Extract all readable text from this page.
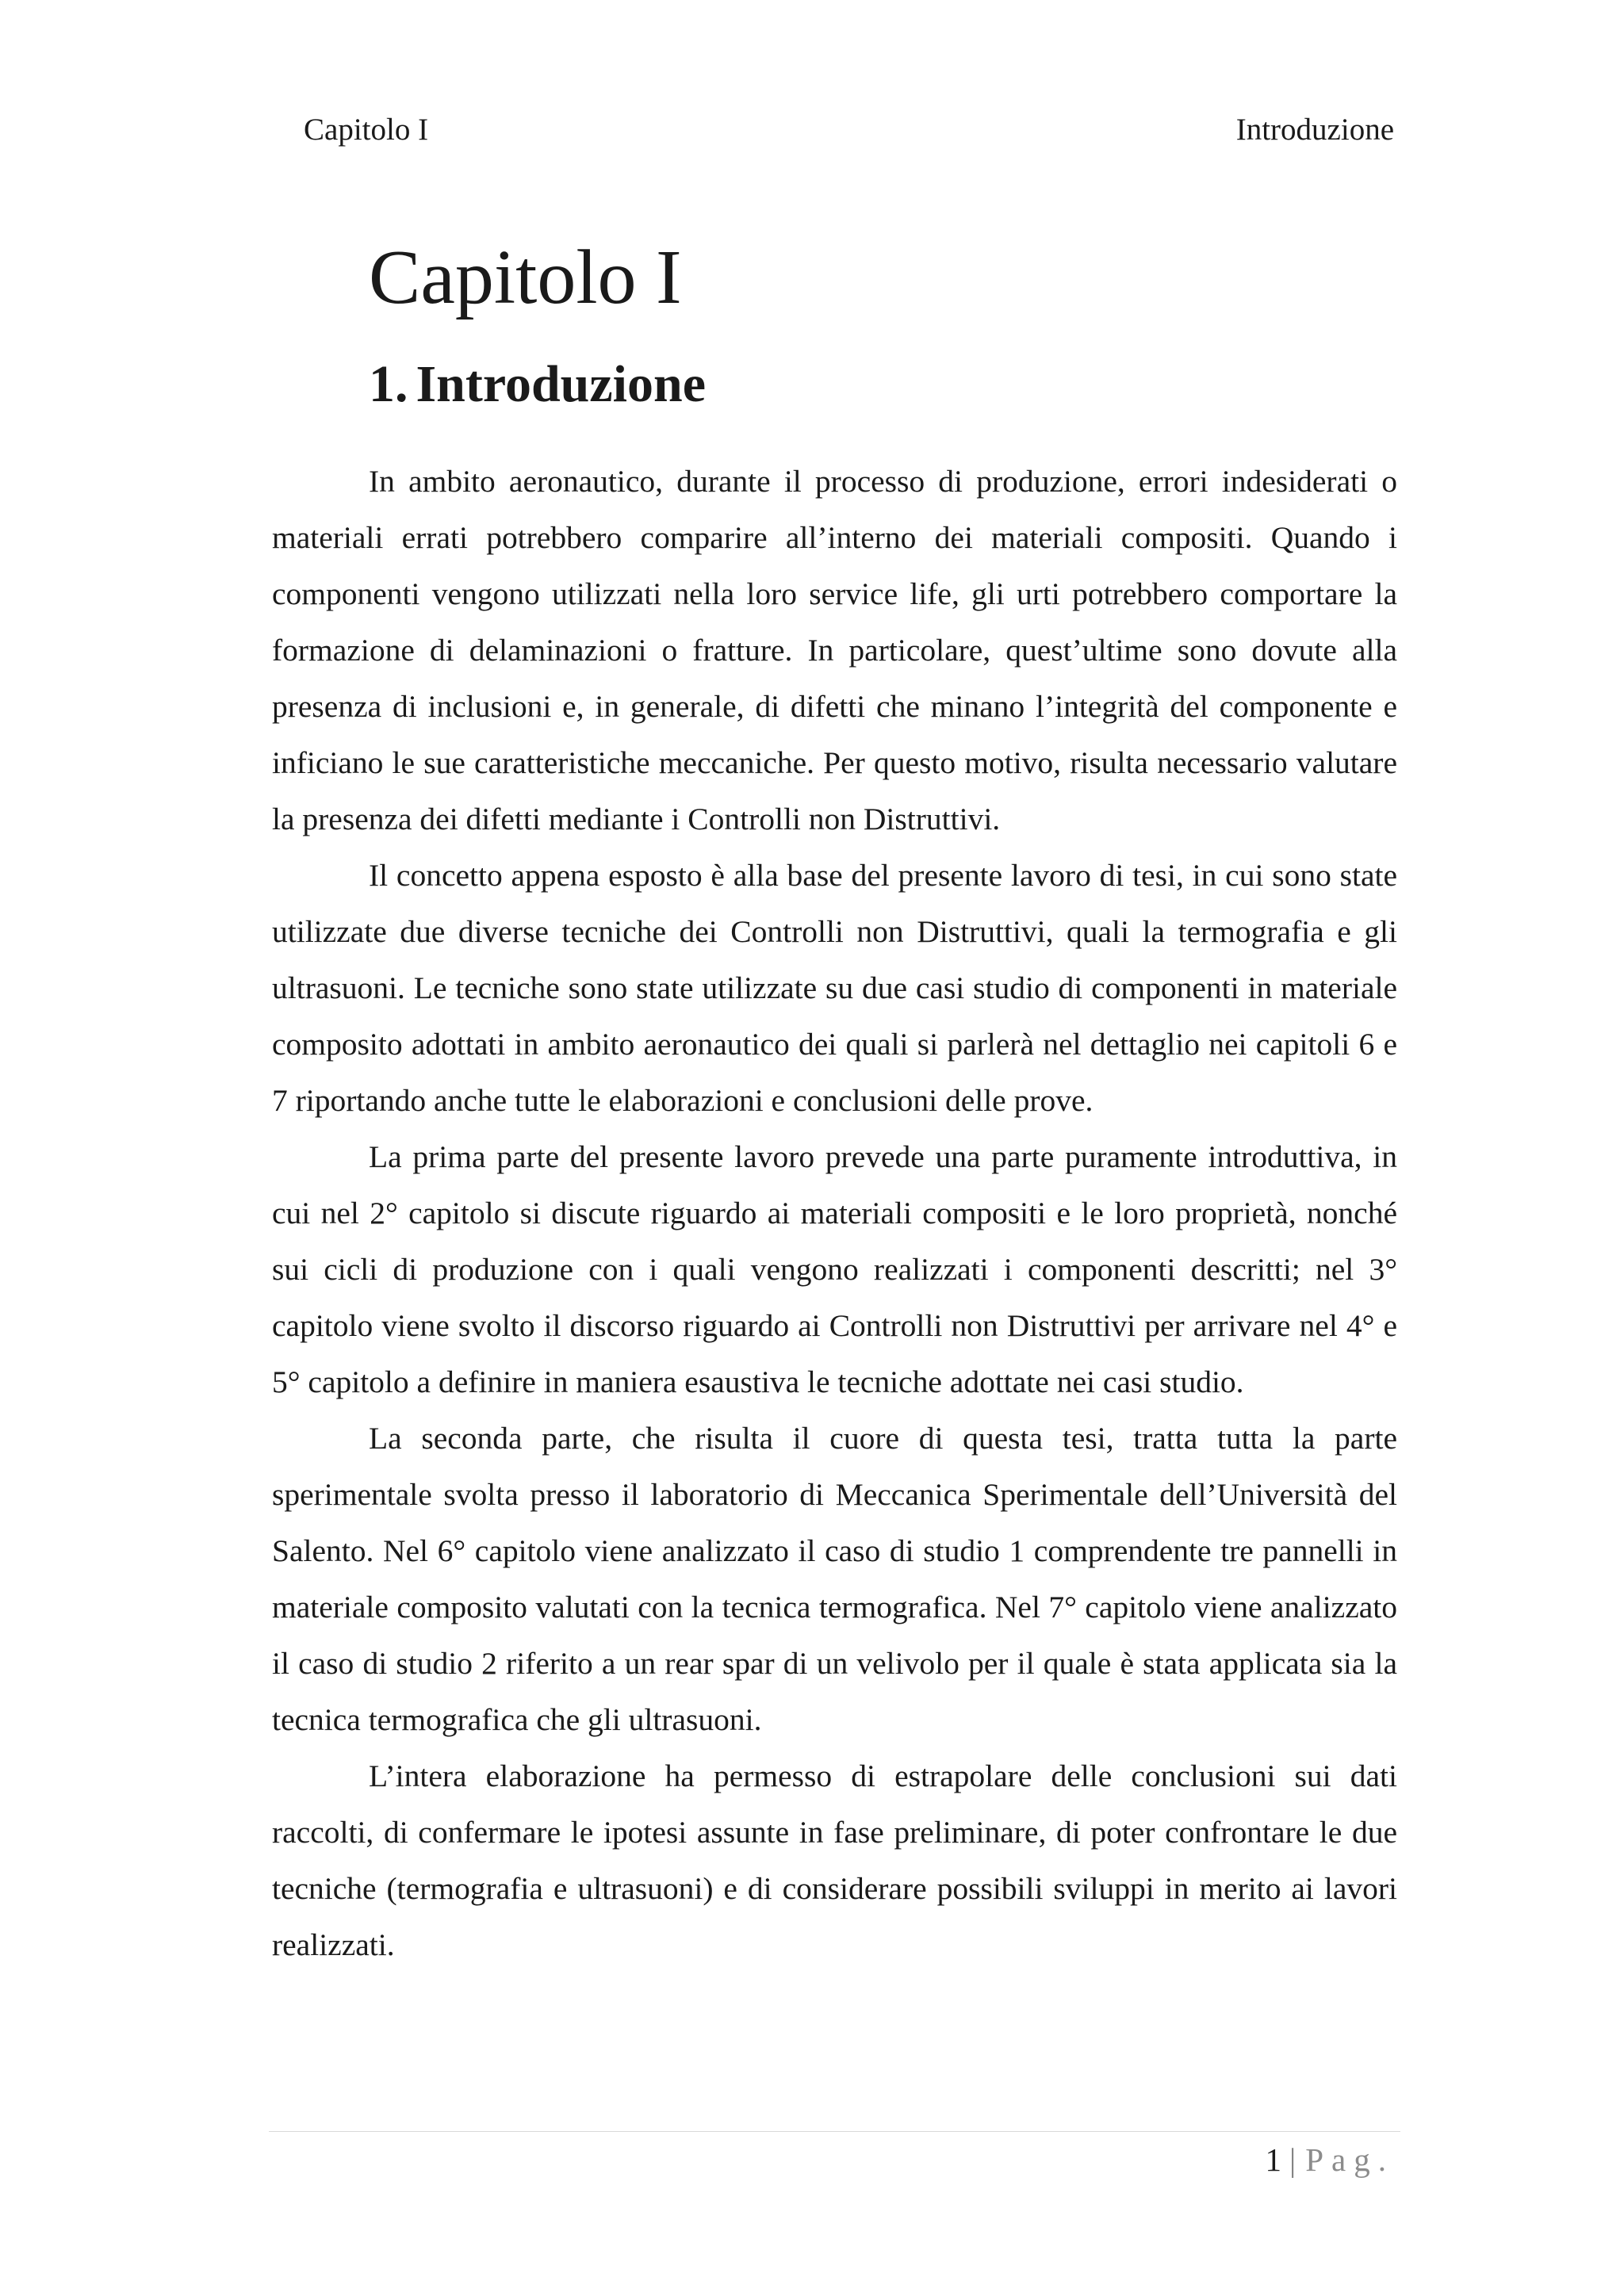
Capitolo I	Introduzione
Capitolo I
1. Introduzione

In ambito aeronautico, durante il processo di produzione, errori indesiderati o materiali errati potrebbero comparire all’interno dei materiali compositi. Quando i componenti vengono utilizzati nella loro service life, gli urti potrebbero comportare la formazione di delaminazioni o fratture. In particolare, quest’ultime sono dovute alla presenza di inclusioni e, in generale, di difetti che minano l’integrità del componente e inficiano le sue caratteristiche meccaniche. Per questo motivo, risulta necessario valutare la presenza dei difetti mediante i Controlli non Distruttivi.

Il concetto appena esposto è alla base del presente lavoro di tesi, in cui sono state utilizzate due diverse tecniche dei Controlli non Distruttivi, quali la termografia e gli ultrasuoni. Le tecniche sono state utilizzate su due casi studio di componenti in materiale composito adottati in ambito aeronautico dei quali si parlerà nel dettaglio nei capitoli 6 e 7 riportando anche tutte le elaborazioni e conclusioni delle prove.

La prima parte del presente lavoro prevede una parte puramente introduttiva, in cui nel 2° capitolo si discute riguardo ai materiali compositi e le loro proprietà, nonché sui cicli di produzione con i quali vengono realizzati i componenti descritti; nel 3° capitolo viene svolto il discorso riguardo ai Controlli non Distruttivi per arrivare nel 4° e 5° capitolo a definire in maniera esaustiva le tecniche adottate nei casi studio.

La seconda parte, che risulta il cuore di questa tesi, tratta tutta la parte sperimentale svolta presso il laboratorio di Meccanica Sperimentale dell’Università del Salento. Nel 6° capitolo viene analizzato il caso di studio 1 comprendente tre pannelli in materiale composito valutati con la tecnica termografica. Nel 7° capitolo viene analizzato il caso di studio 2 riferito a un rear spar di un velivolo per il quale è stata applicata sia la tecnica termografica che gli ultrasuoni.

L’intera elaborazione ha permesso di estrapolare delle conclusioni sui dati raccolti, di confermare le ipotesi assunte in fase preliminare, di poter confrontare le due tecniche (termografia e ultrasuoni) e di considerare possibili sviluppi in merito ai lavori realizzati.

1 | Pag.
